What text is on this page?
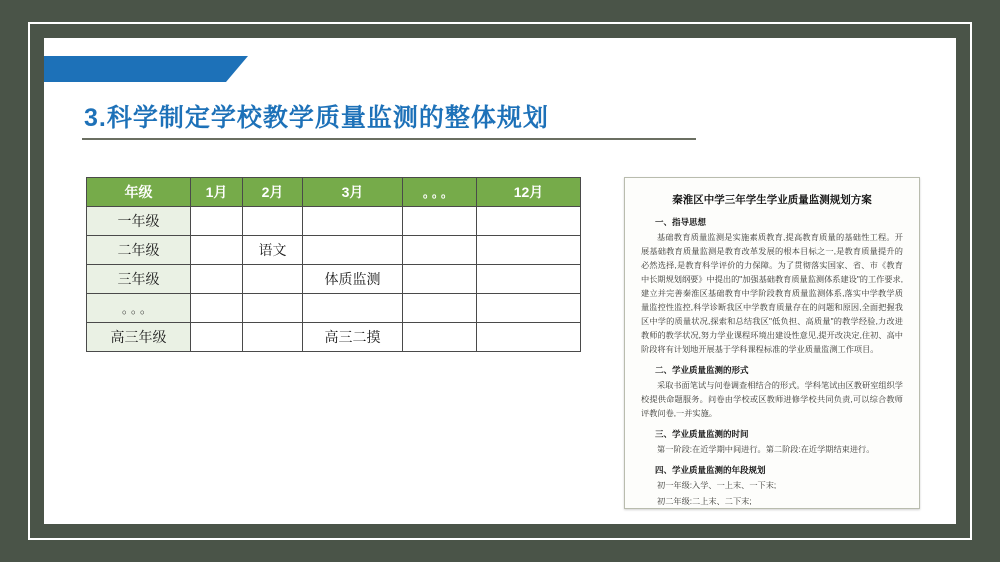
3.科学制定学校教学质量监测的整体规划
年级	1月	2月	3月	。。。	12月
一年级					
二年级		语文			
三年级			体质监测		
。。。					
高三年级			高三二摸		
秦淮区中学三年学生学业质量监测规划方案
一、指导思想

基础教育质量监测是实施素质教育,提高教育质量的基础性工程。开展基础教育质量监测是教育改革发展的根本目标之一,是教育质量提升的必然选择,是教育科学评价的力保障。为了贯彻落实国家、省、市《教育中长期规划纲要》中提出的"加强基础教育质量监测体系建设"的工作要求,建立并完善秦淮区基础教育中学阶段教育质量监测体系,落实中学教学质量监控性监控,科学诊断我区中学教育质量存在的问题和原因,全面把握我区中学的质量状况,探索和总结我区"低负担、高质量"的教学经验,力改进教师的教学状况,努力学业课程环境出建设性意见,提开改决定,住初、高中阶段将有计划地开展基于学科课程标准的学业质量监测工作项目。

二、学业质量监测的形式

采取书面笔试与问卷调查相结合的形式。学科笔试由区教研室组织学校提供命题服务。问卷由学校或区教师进修学校共同负责,可以综合教师评教问卷,一并实施。

三、学业质量监测的时间

第一阶段:在近学期中间进行。第二阶段:在近学期结束进行。

四、学业质量监测的年段规划

初一年级:入学、一上末、一下末;

初二年级:二上末、二下末;
